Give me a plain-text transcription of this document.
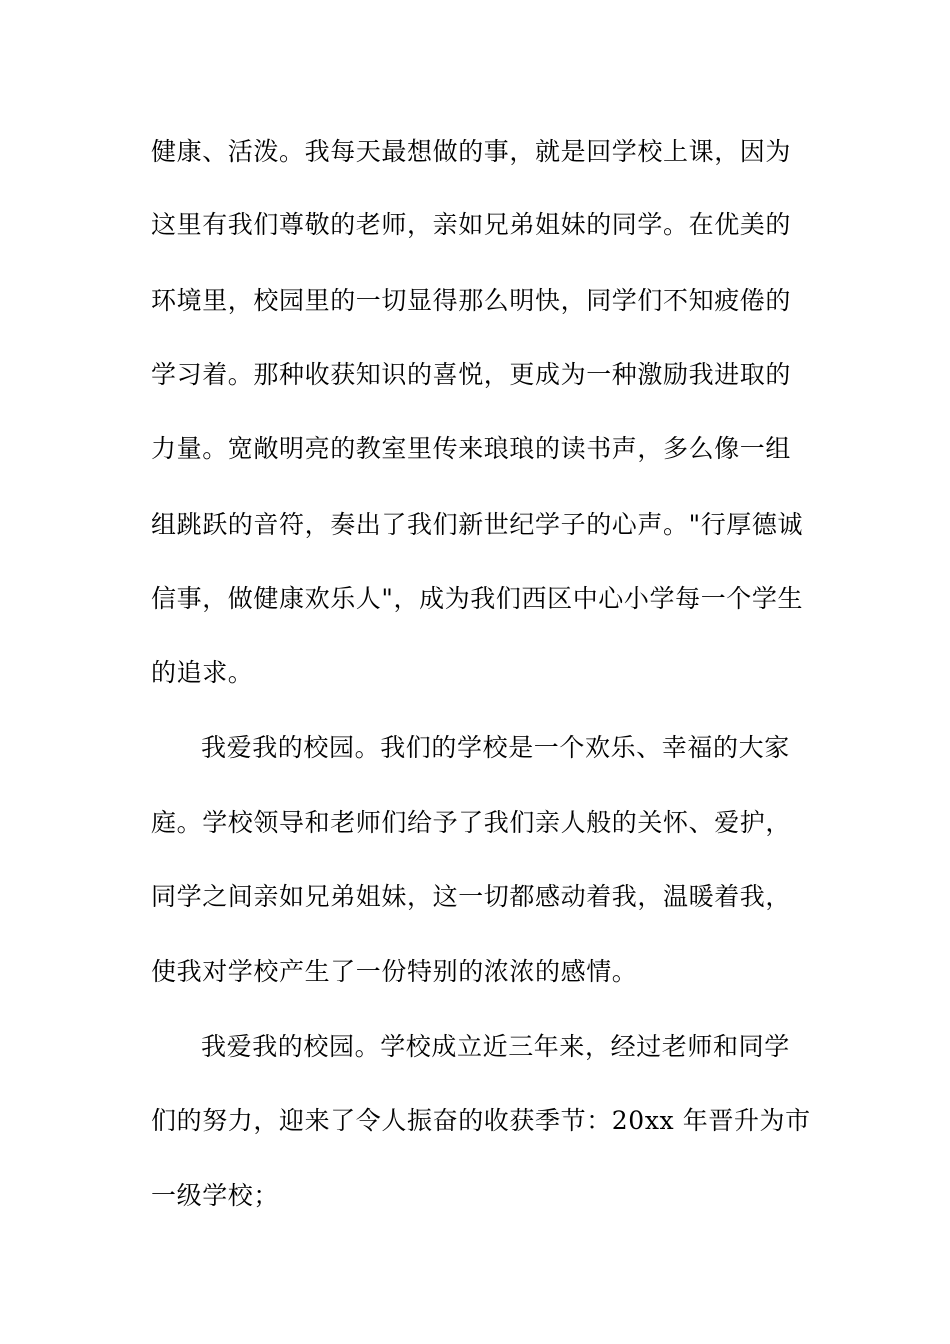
健康、活泼。我每天最想做的事，就是回学校上课，因为
这里有我们尊敬的老师，亲如兄弟姐妹的同学。在优美的
环境里，校园里的一切显得那么明快，同学们不知疲倦的
学习着。那种收获知识的喜悦，更成为一种激励我进取的
力量。宽敞明亮的教室里传来琅琅的读书声，多么像一组
组跳跃的音符，奏出了我们新世纪学子的心声。"行厚德诚
信事，做健康欢乐人"，成为我们西区中心小学每一个学生
的追求。
我爱我的校园。我们的学校是一个欢乐、幸福的大家
庭。学校领导和老师们给予了我们亲人般的关怀、爱护，
同学之间亲如兄弟姐妹，这一切都感动着我，温暖着我，
使我对学校产生了一份特别的浓浓的感情。
我爱我的校园。学校成立近三年来，经过老师和同学
们的努力，迎来了令人振奋的收获季节：20xx 年晋升为市
一级学校；
